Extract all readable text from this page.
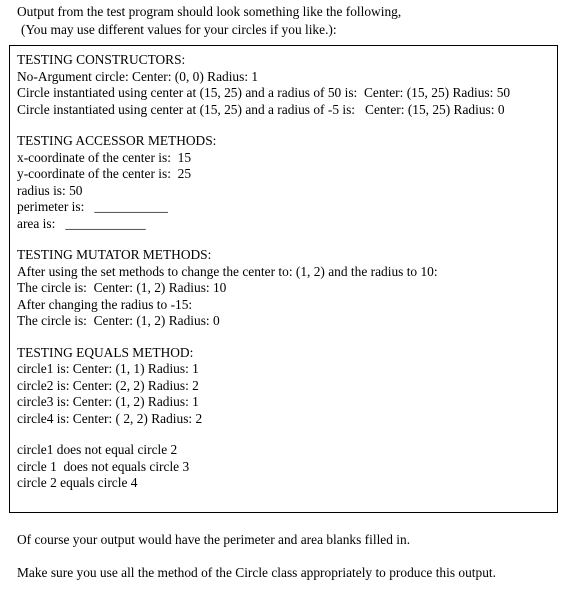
Output from the test program should look something like the following,
(You may use different values for your circles if you like.):
TESTING CONSTRUCTORS:
No-Argument circle: Center: (0, 0) Radius: 1
Circle instantiated using center at (15, 25) and a radius of 50 is:  Center: (15, 25) Radius: 50
Circle instantiated using center at (15, 25) and a radius of -5 is:   Center: (15, 25) Radius: 0
TESTING ACCESSOR METHODS:
x-coordinate of the center is:  15
y-coordinate of the center is:  25
radius is: 50
perimeter is:   ___________
area is:   ____________
TESTING MUTATOR METHODS:
After using the set methods to change the center to: (1, 2) and the radius to 10:
The circle is:  Center: (1, 2) Radius: 10
After changing the radius to -15:
The circle is:  Center: (1, 2) Radius: 0
TESTING EQUALS METHOD:
circle1 is: Center: (1, 1) Radius: 1
circle2 is: Center: (2, 2) Radius: 2
circle3 is: Center: (1, 2) Radius: 1
circle4 is: Center: ( 2, 2) Radius: 2
circle1 does not equal circle 2
circle 1  does not equals circle 3
circle 2 equals circle 4
Of course your output would have the perimeter and area blanks filled in.
Make sure you use all the method of the Circle class appropriately to produce this output.
